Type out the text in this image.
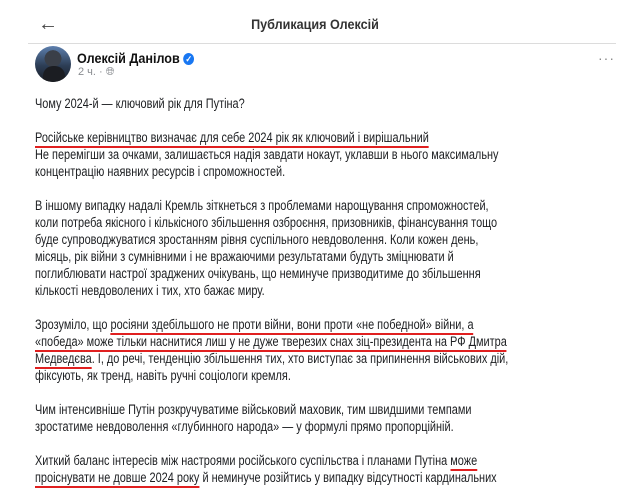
←	Публикация Олексій
Олексій Данілов ✓
2 ч. · 🌐︎
···
Чому 2024-й — ключовий рік для Путіна?
Російське керівництво визначає для себе 2024 рік як ключовий і вирішальний
Не перемігши за очками, залишається надія завдати нокаут, уклавши в нього максимальну
концентрацію наявних ресурсів і спроможностей.
В іншому випадку надалі Кремль зіткнеться з проблемами нарощування спроможностей,
коли потреба якісного і кількісного збільшення озброєння, призовників, фінансування тощо
буде супроводжуватися зростанням рівня суспільного невдоволення. Коли кожен день,
місяць, рік війни з сумнівними і не вражаючими результатами будуть зміцнювати й
поглиблювати настрої зраджених очікувань, що неминуче призводитиме до збільшення
кількості невдоволених і тих, хто бажає миру.
Зрозуміло, що росіяни здебільшого не проти війни, вони проти «не победной» війни, а
«победа» може тільки наснитися лиш у не дуже тверезих снах зіц-президента на РФ Дмитра
Медведєва. І, до речі, тенденцію збільшення тих, хто виступає за припинення військових дій,
фіксують, як тренд, навіть ручні соціологи кремля.
Чим інтенсивніше Путін розкручуватиме військовий маховик, тим швидшими темпами
зростатиме невдоволення «глубинного народа» — у формулі прямо пропорційній.
Хиткий баланс інтересів між настроями російського суспільства і планами Путіна може
проіснувати не довше 2024 року й неминуче розійтись у випадку відсутності кардинальних
